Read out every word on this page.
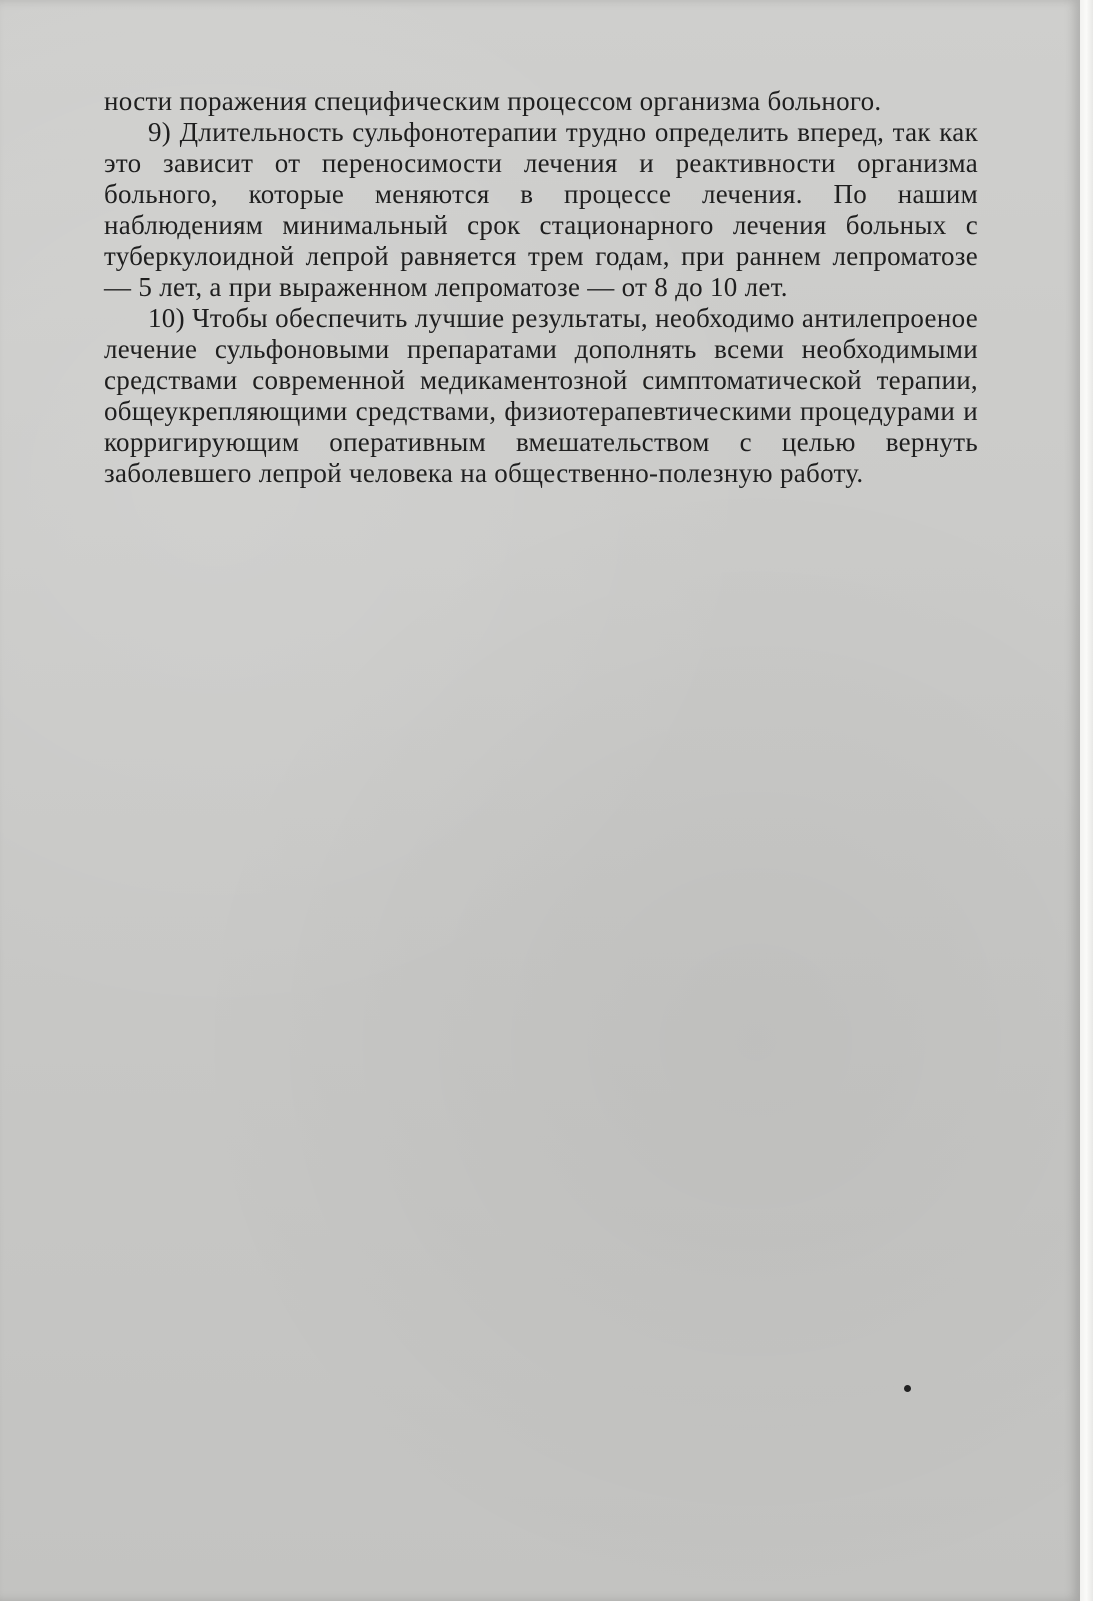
ности поражения специфическим процессом организма больного.

9) Длительность сульфонотерапии трудно определить вперед, так как это зависит от переносимости лечения и реактивности организма больного, которые меняются в процессе лечения. По нашим наблюдениям минимальный срок стационарного лечения больных с туберкулоидной лепрой равняется трем годам, при раннем лепроматозе — 5 лет, а при выраженном лепроматозе — от 8 до 10 лет.

10) Чтобы обеспечить лучшие результаты, необходимо антилепроеное лечение сульфоновыми препаратами дополнять всеми необходимыми средствами современной медикаментозной симптоматической терапии, общеукрепляющими средствами, физиотерапевтическими процедурами и корригирующим оперативным вмешательством с целью вернуть заболевшего лепрой человека на общественно-полезную работу.
